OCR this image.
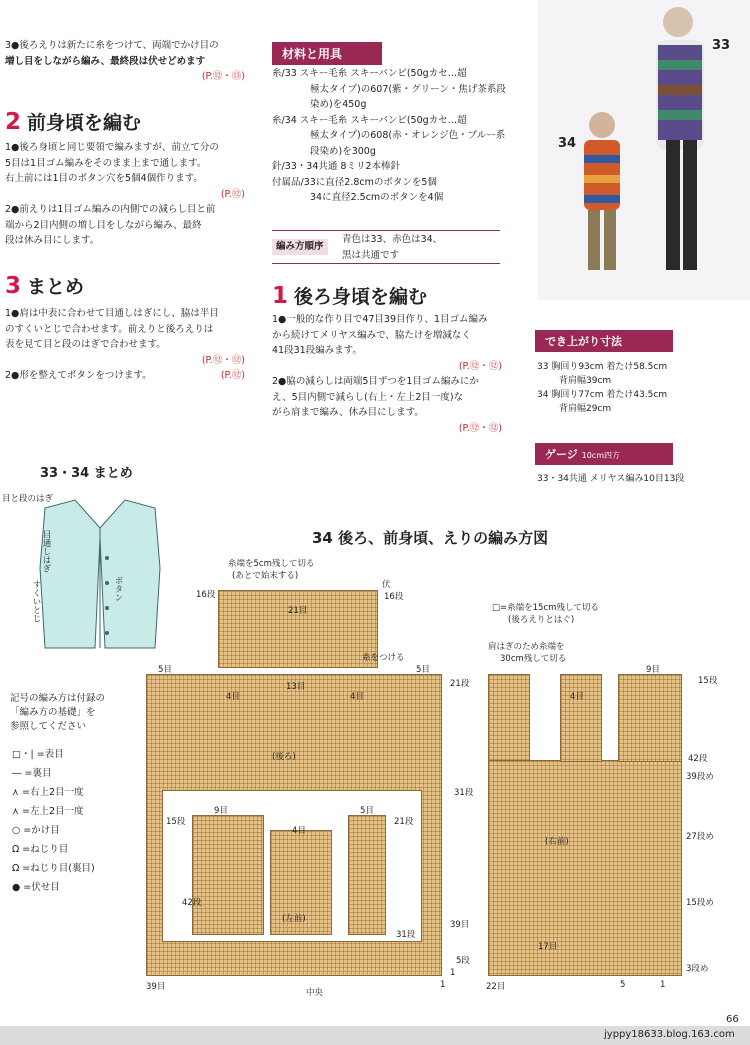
3●後ろえりは新たに糸をつけて、両端でかけ目の
増し目をしながら編み、最終段は伏せどめます
(P.⑫・⑬)
2 前身頃を編む
1●後ろ身頃と同じ要領で編みますが、前立て分の
5目は1目ゴム編みをそのまま上まで通します。
右上前には1目のボタン穴を5個4個作ります。
(P.⑫)
2●前えりは1目ゴム編みの内側での減らし目と前
端から2目内側の増し目をしながら編み、最終
段は休み目にします。
3 まとめ
1●肩は中表に合わせて目通しはぎにし、脇は半目
のすくいとじで合わせます。前えりと後ろえりは
表を見て目と段のはぎで合わせます。
(P.⑫・⑫)
2●形を整えてボタンをつけます。	(P.⑫)
材料と用具
糸/33 スキー毛糸 スキーバンビ(50gカセ…超
極太タイプ)の607(紫・グリーン・焦げ茶系段
染め)を450g
糸/34 スキー毛糸 スキーバンビ(50gカセ…超
極太タイプ)の608(赤・オレンジ色・ブルー系
段染め)を300g
針/33・34共通 8ミリ2本棒針
付属品/33に直径2.8cmのボタンを5個
34に直径2.5cmのボタンを4個
編み方順序
青色は33、赤色は34、
黒は共通です
1 後ろ身頃を編む
1●一般的な作り目で47目39目作り、1目ゴム編み
から続けてメリヤス編みで、脇たけを増減なく
41段31段編みます。
(P.⑫・⑫)
2●脇の減らしは両端5目ずつを1目ゴム編みにか
え、5目内側で減らし(右上・左上2目一度)な
がら肩まで編み、休み目にします。
(P.⑫・⑫)
33
34
でき上がり寸法
33 胸回り93cm 着たけ58.5cm
背肩幅39cm
34 胸回り77cm 着たけ43.5cm
背肩幅29cm
ゲージ 10cm四方
33・34共通 メリヤス編み10目13段
33・34 まとめ
目と段のはぎ
目通しはぎ
ボタン
すくいとじ
記号の編み方は付録の
「編み方の基礎」を
参照してください
□・| =表目
― =裏目
⋏ =右上2目一度
⋏ =左上2目一度
○ =かけ目
Ω =ねじり目
Ω =ねじり目(裏目)
● =伏せ目
34 後ろ、前身頃、えりの編み方図
糸端を5cm残して切る
(あとで始末する)
伏
16段	16段
21目
糸をつける
5目	5目
13目
4目	4目
(後ろ)
21段
31段
39目
9目	5目
15段
4目
21段
42段
(左前)
31段
39目
5段
1
中央
1
□=糸端を15cm残して切る
(後ろえりとはぐ)
肩はぎのため糸端を
30cm残して切る
9目
4目
15段
42段
39段め
27段め
15段め
3段め
(右前)
17目
22目	5	1
66
jyppy18633.blog.163.com
